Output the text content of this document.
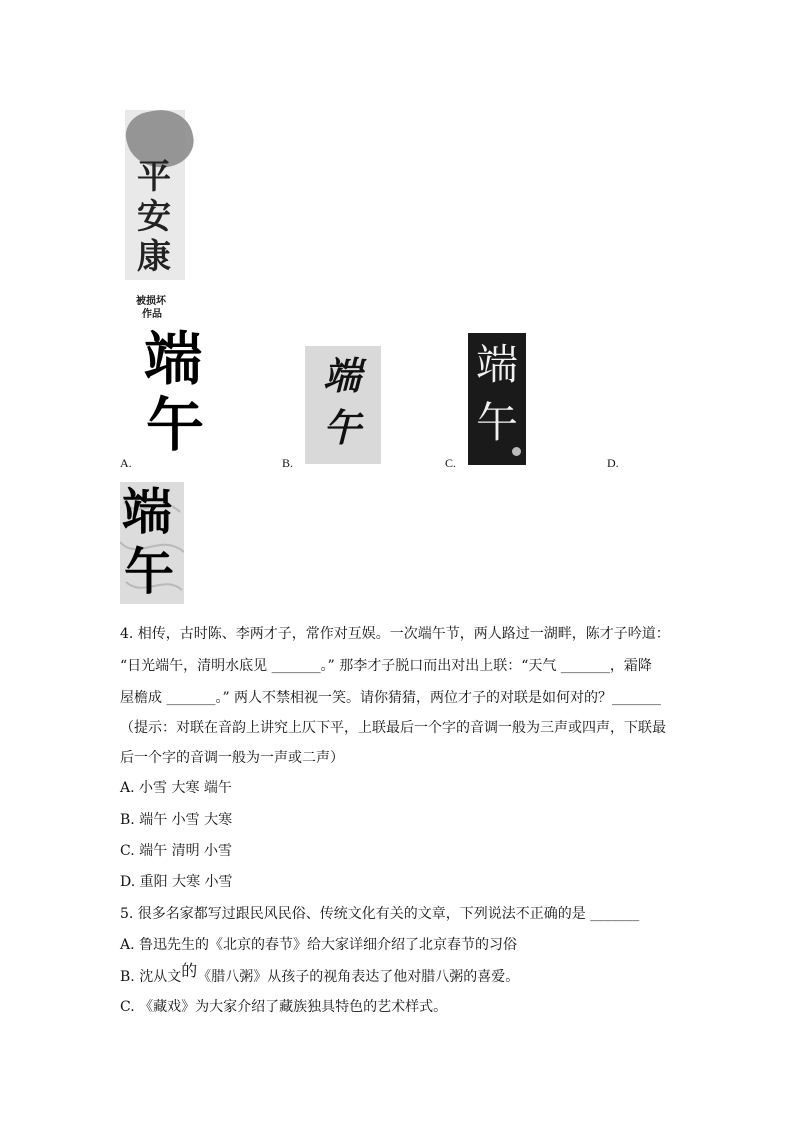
平
安
康
被损坏
作品
端
午
A.
端
午
B.
端
午
C.	D.
端
午
4. 相传，古时陈、李两才子，常作对互娱。一次端午节，两人路过一湖畔，陈才子吟道：
“日光端午，清明水底见 _______。” 那李才子脱口而出对出上联：“天气 _______，霜降
屋檐成 _______。” 两人不禁相视一笑。请你猜猜，两位才子的对联是如何对的？_______
（提示：对联在音韵上讲究上仄下平，上联最后一个字的音调一般为三声或四声，下联最
后一个字的音调一般为一声或二声）
A. 小雪 大寒 端午
B. 端午 小雪 大寒
C. 端午 清明 小雪
D. 重阳 大寒 小雪
5. 很多名家都写过跟民风民俗、传统文化有关的文章，下列说法不正确的是 _______
A. 鲁迅先生的《北京的春节》给大家详细介绍了北京春节的习俗
B. 沈从文的《腊八粥》从孩子的视角表达了他对腊八粥的喜爱。
C. 《藏戏》为大家介绍了藏族独具特色的艺术样式。
